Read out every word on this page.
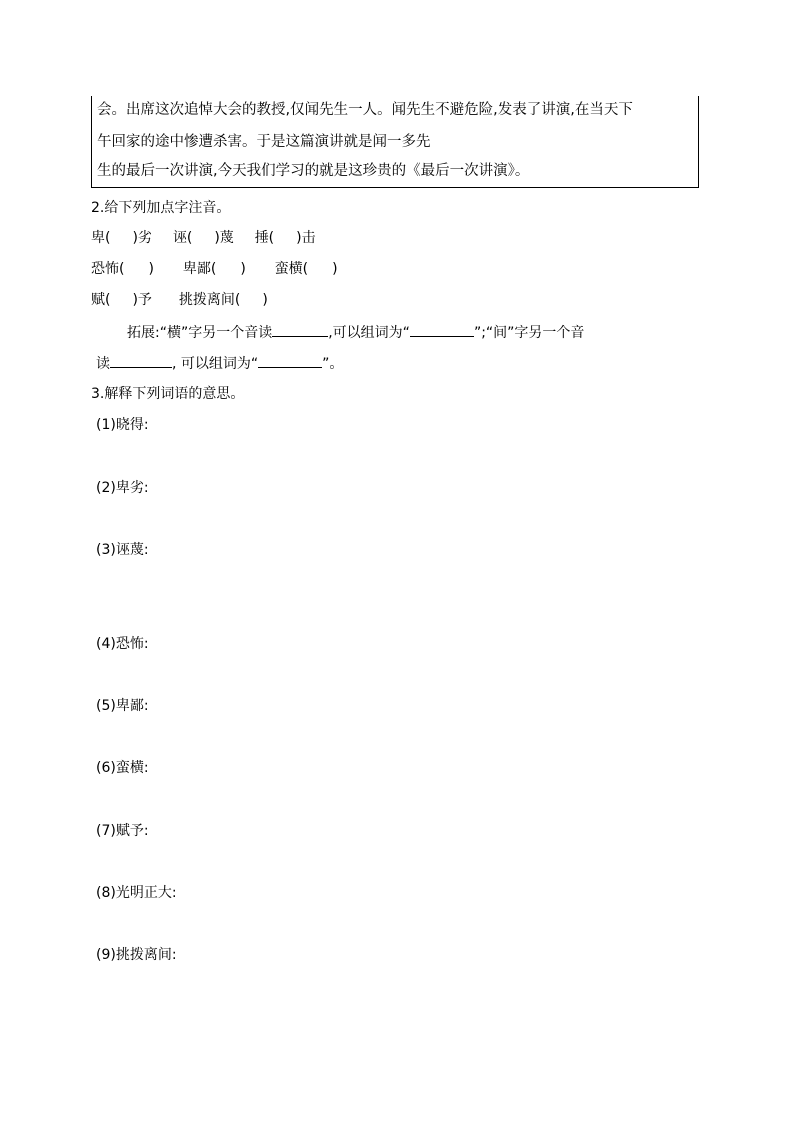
会。出席这次追悼大会的教授,仅闻先生一人。闻先生不避危险,发表了讲演,在当天下
午回家的途中惨遭杀害。于是这篇演讲就是闻一多先
生的最后一次讲演,今天我们学习的就是这珍贵的《最后一次讲演》。
2.给下列加点字注音。
卑( )劣 诬( )蔑 捶( )击
恐怖( ) 卑鄙( ) 蛮横( )
赋( )予 挑拨离间( )
拓展:“横”字另一个音读	,可以组词为“	”;“间”字另一个音
读	, 可以组词为“	”。
3.解释下列词语的意思。
(1)晓得:
(2)卑劣:
(3)诬蔑:
(4)恐怖:
(5)卑鄙:
(6)蛮横:
(7)赋予:
(8)光明正大:
(9)挑拨离间:
